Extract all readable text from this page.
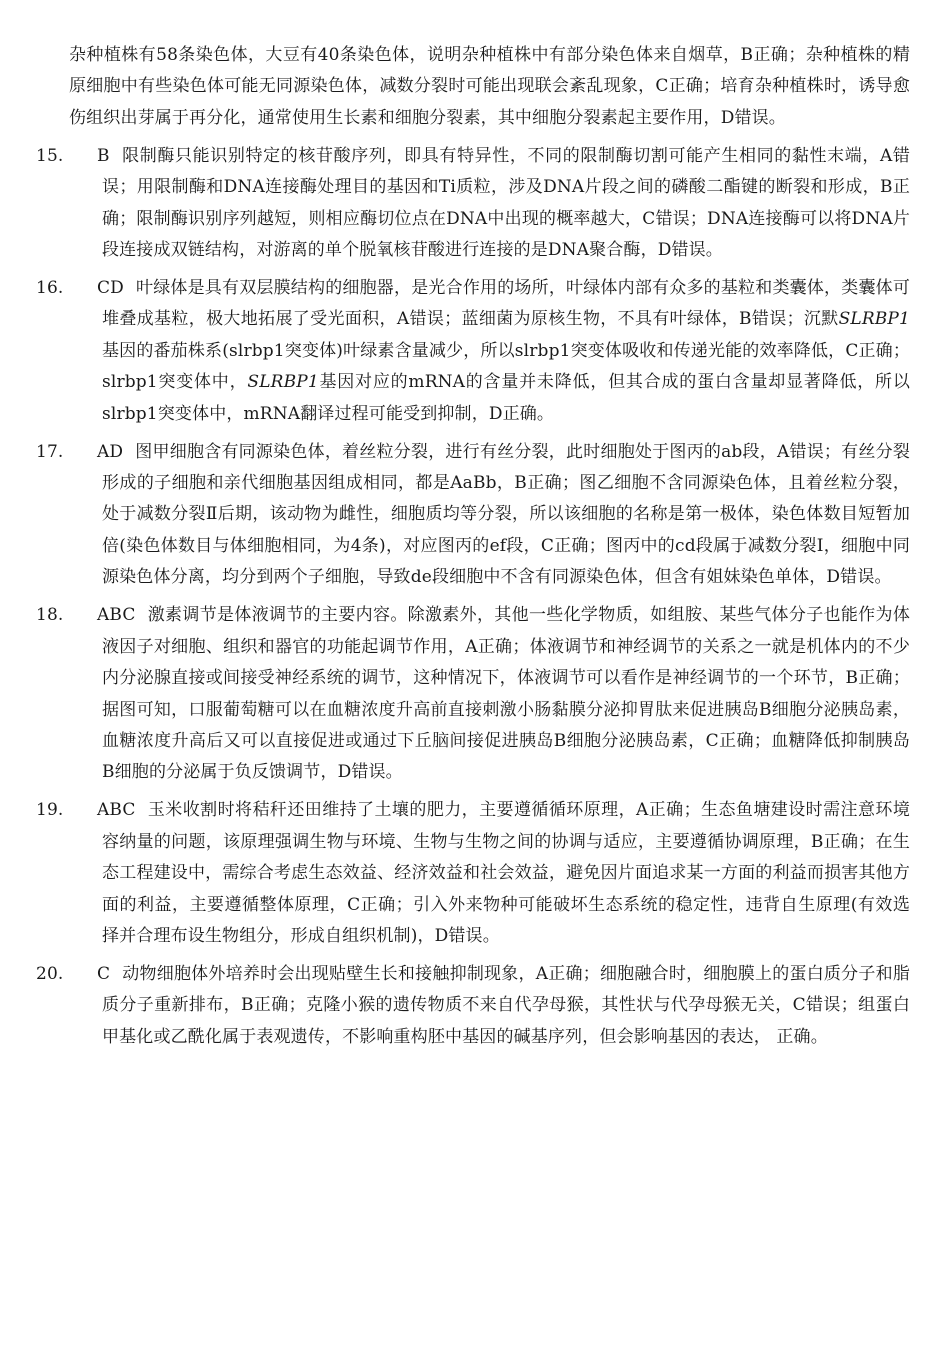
杂种植株有58条染色体，大豆有40条染色体，说明杂种植株中有部分染色体来自烟草，B正确；杂种植株的精原细胞中有些染色体可能无同源染色体，减数分裂时可能出现联会紊乱现象，C正确；培育杂种植株时，诱导愈伤组织出芽属于再分化，通常使用生长素和细胞分裂素，其中细胞分裂素起主要作用，D错误。

15. B 限制酶只能识别特定的核苷酸序列，即具有特异性，不同的限制酶切割可能产生相同的黏性末端，A错误；用限制酶和DNA连接酶处理目的基因和Ti质粒，涉及DNA片段之间的磷酸二酯键的断裂和形成，B正确；限制酶识别序列越短，则相应酶切位点在DNA中出现的概率越大，C错误；DNA连接酶可以将DNA片段连接成双链结构，对游离的单个脱氧核苷酸进行连接的是DNA聚合酶，D错误。

16. CD 叶绿体是具有双层膜结构的细胞器，是光合作用的场所，叶绿体内部有众多的基粒和类囊体，类囊体可堆叠成基粒，极大地拓展了受光面积，A错误；蓝细菌为原核生物，不具有叶绿体，B错误；沉默SLRBP1基因的番茄株系(slrbp1突变体)叶绿素含量减少，所以slrbp1突变体吸收和传递光能的效率降低，C正确；slrbp1突变体中，SLRBP1基因对应的mRNA的含量并未降低，但其合成的蛋白含量却显著降低，所以slrbp1突变体中，mRNA翻译过程可能受到抑制，D正确。

17. AD 图甲细胞含有同源染色体，着丝粒分裂，进行有丝分裂，此时细胞处于图丙的ab段，A错误；有丝分裂形成的子细胞和亲代细胞基因组成相同，都是AaBb，B正确；图乙细胞不含同源染色体，且着丝粒分裂，处于减数分裂Ⅱ后期，该动物为雌性，细胞质均等分裂，所以该细胞的名称是第一极体，染色体数目短暂加倍(染色体数目与体细胞相同，为4条)，对应图丙的ef段，C正确；图丙中的cd段属于减数分裂Ⅰ，细胞中同源染色体分离，均分到两个子细胞，导致de段细胞中不含有同源染色体，但含有姐妹染色单体，D错误。

18. ABC 激素调节是体液调节的主要内容。除激素外，其他一些化学物质，如组胺、某些气体分子也能作为体液因子对细胞、组织和器官的功能起调节作用，A正确；体液调节和神经调节的关系之一就是机体内的不少内分泌腺直接或间接受神经系统的调节，这种情况下，体液调节可以看作是神经调节的一个环节，B正确；据图可知，口服葡萄糖可以在血糖浓度升高前直接刺激小肠黏膜分泌抑胃肽来促进胰岛B细胞分泌胰岛素，血糖浓度升高后又可以直接促进或通过下丘脑间接促进胰岛B细胞分泌胰岛素，C正确；血糖降低抑制胰岛B细胞的分泌属于负反馈调节，D错误。

19. ABC 玉米收割时将秸秆还田维持了土壤的肥力，主要遵循循环原理，A正确；生态鱼塘建设时需注意环境容纳量的问题，该原理强调生物与环境、生物与生物之间的协调与适应，主要遵循协调原理，B正确；在生态工程建设中，需综合考虑生态效益、经济效益和社会效益，避免因片面追求某一方面的利益而损害其他方面的利益，主要遵循整体原理，C正确；引入外来物种可能破坏生态系统的稳定性，违背自生原理(有效选择并合理布设生物组分，形成自组织机制)，D错误。

20. C 动物细胞体外培养时会出现贴壁生长和接触抑制现象，A正确；细胞融合时，细胞膜上的蛋白质分子和脂质分子重新排布，B正确；克隆小猴的遗传物质不来自代孕母猴，其性状与代孕母猴无关，C错误；组蛋白甲基化或乙酰化属于表观遗传，不影响重构胚中基因的碱基序列，但会影响基因的表达， 正确。
